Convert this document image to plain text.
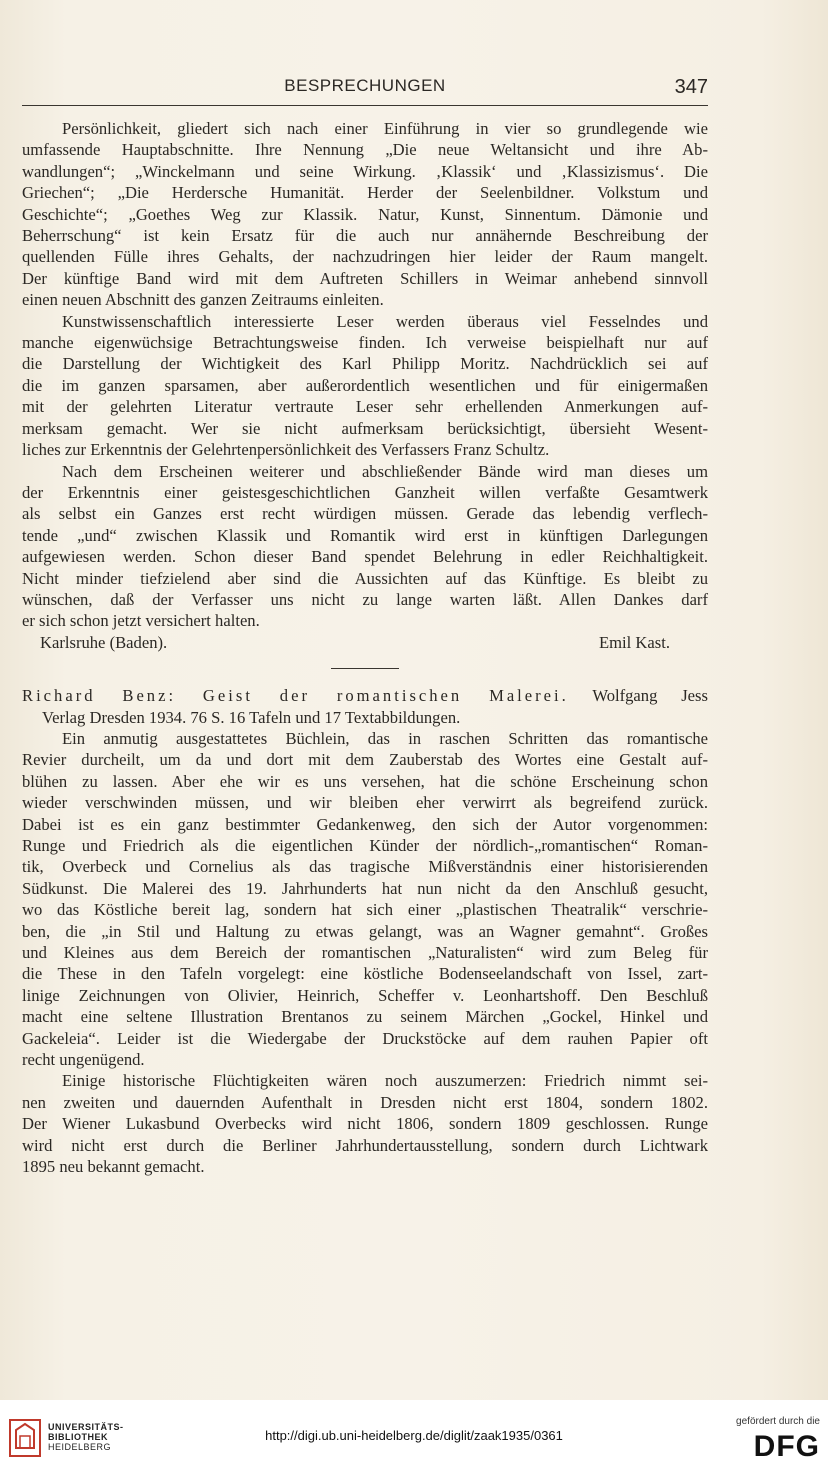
BESPRECHUNGEN	347
Persönlichkeit, gliedert sich nach einer Einführung in vier so grundlegende wie
umfassende Hauptabschnitte. Ihre Nennung „Die neue Weltansicht und ihre Ab-
wandlungen“; „Winckelmann und seine Wirkung. ‚Klassik‘ und ‚Klassizismus‘. Die
Griechen“; „Die Herdersche Humanität. Herder der Seelenbildner. Volkstum und
Geschichte“; „Goethes Weg zur Klassik. Natur, Kunst, Sinnentum. Dämonie und
Beherrschung“ ist kein Ersatz für die auch nur annähernde Beschreibung der
quellenden Fülle ihres Gehalts, der nachzudringen hier leider der Raum mangelt.
Der künftige Band wird mit dem Auftreten Schillers in Weimar anhebend sinnvoll
einen neuen Abschnitt des ganzen Zeitraums einleiten.
Kunstwissenschaftlich interessierte Leser werden überaus viel Fesselndes und
manche eigenwüchsige Betrachtungsweise finden. Ich verweise beispielhaft nur auf
die Darstellung der Wichtigkeit des Karl Philipp Moritz. Nachdrücklich sei auf
die im ganzen sparsamen, aber außerordentlich wesentlichen und für einigermaßen
mit der gelehrten Literatur vertraute Leser sehr erhellenden Anmerkungen auf-
merksam gemacht. Wer sie nicht aufmerksam berücksichtigt, übersieht Wesent-
liches zur Erkenntnis der Gelehrtenpersönlichkeit des Verfassers Franz Schultz.
Nach dem Erscheinen weiterer und abschließender Bände wird man dieses um
der Erkenntnis einer geistesgeschichtlichen Ganzheit willen verfaßte Gesamtwerk
als selbst ein Ganzes erst recht würdigen müssen. Gerade das lebendig verflech-
tende „und“ zwischen Klassik und Romantik wird erst in künftigen Darlegungen
aufgewiesen werden. Schon dieser Band spendet Belehrung in edler Reichhaltigkeit.
Nicht minder tiefzielend aber sind die Aussichten auf das Künftige. Es bleibt zu
wünschen, daß der Verfasser uns nicht zu lange warten läßt. Allen Dankes darf
er sich schon jetzt versichert halten.
Karlsruhe (Baden).	Emil Kast.
Richard Benz: Geist der romantischen Malerei. Wolfgang Jess
Verlag Dresden 1934. 76 S. 16 Tafeln und 17 Textabbildungen.
Ein anmutig ausgestattetes Büchlein, das in raschen Schritten das romantische
Revier durcheilt, um da und dort mit dem Zauberstab des Wortes eine Gestalt auf-
blühen zu lassen. Aber ehe wir es uns versehen, hat die schöne Erscheinung schon
wieder verschwinden müssen, und wir bleiben eher verwirrt als begreifend zurück.
Dabei ist es ein ganz bestimmter Gedankenweg, den sich der Autor vorgenommen:
Runge und Friedrich als die eigentlichen Künder der nördlich-„romantischen“ Roman-
tik, Overbeck und Cornelius als das tragische Mißverständnis einer historisierenden
Südkunst. Die Malerei des 19. Jahrhunderts hat nun nicht da den Anschluß gesucht,
wo das Köstliche bereit lag, sondern hat sich einer „plastischen Theatralik“ verschrie-
ben, die „in Stil und Haltung zu etwas gelangt, was an Wagner gemahnt“. Großes
und Kleines aus dem Bereich der romantischen „Naturalisten“ wird zum Beleg für
die These in den Tafeln vorgelegt: eine köstliche Bodenseelandschaft von Issel, zart-
linige Zeichnungen von Olivier, Heinrich, Scheffer v. Leonhartshoff. Den Beschluß
macht eine seltene Illustration Brentanos zu seinem Märchen „Gockel, Hinkel und
Gackeleia“. Leider ist die Wiedergabe der Druckstöcke auf dem rauhen Papier oft
recht ungenügend.
Einige historische Flüchtigkeiten wären noch auszumerzen: Friedrich nimmt sei-
nen zweiten und dauernden Aufenthalt in Dresden nicht erst 1804, sondern 1802.
Der Wiener Lukasbund Overbecks wird nicht 1806, sondern 1809 geschlossen. Runge
wird nicht erst durch die Berliner Jahrhundertausstellung, sondern durch Lichtwark
1895 neu bekannt gemacht.
UNIVERSITÄTS-
BIBLIOTHEK
HEIDELBERG
http://digi.ub.uni-heidelberg.de/diglit/zaak1935/0361
gefördert durch die
DFG
